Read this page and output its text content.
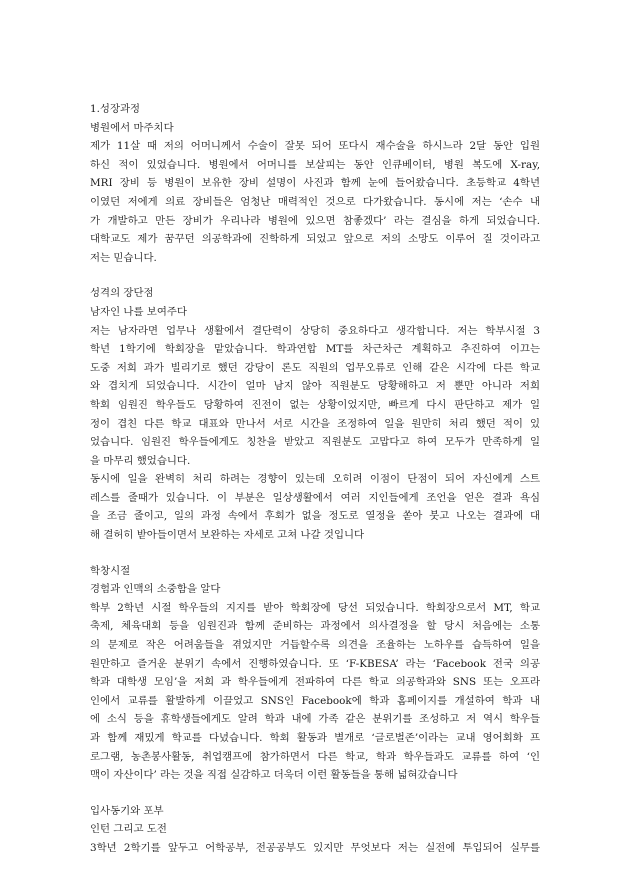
1.성장과정
병원에서 마주치다
제가 11살 때 저의 어머니께서 수술이 잘못 되어 또다시 재수술을 하시느라 2달 동안 입원
하신 적이 있었습니다. 병원에서 어머니를 보살피는 동안 인큐베이터, 병원 복도에 X-ray,
MRI 장비 등 병원이 보유한 장비 설명이 사진과 함께 눈에 들어왔습니다. 초등학교 4학년
이였던 저에게 의료 장비들은 엄청난 매력적인 것으로 다가왔습니다. 동시에 저는 ‘손수 내
가 개발하고 만든 장비가 우리나라 병원에 있으면 참좋겠다’ 라는 결심을 하게 되었습니다.
대학교도 제가 꿈꾸던 의공학과에 진학하게 되었고 앞으로 저의 소망도 이루어 질 것이라고
저는 믿습니다.
성격의 장단점
남자인 나를 보여주다
저는 남자라면 업무나 생활에서 결단력이 상당히 중요하다고 생각합니다. 저는 학부시절 3
학년 1학기에 학회장을 맡았습니다. 학과연합 MT를 차근차근 계획하고 추진하여 이끄는
도중 저희 과가 빌리기로 했던 강당이 론도 직원의 업무오류로 인해 같은 시각에 다른 학교
와 겹치게 되었습니다. 시간이 얼마 남지 않아 직원분도 당황해하고 저 뿐만 아니라 저희
학회 임원진 학우들도 당황하여 진전이 없는 상황이었지만, 빠르게 다시 판단하고 제가 일
정이 겹친 다른 학교 대표와 만나서 서로 시간을 조정하여 일을 원만히 처리 했던 적이 있
었습니다. 임원진 학우들에게도 칭찬을 받았고 직원분도 고맙다고 하여 모두가 만족하게 일
을 마무리 했었습니다.
동시에 일을 완벽히 처리 하려는 경향이 있는데 오히려 이점이 단점이 되어 자신에게 스트
레스를 줄때가 있습니다. 이 부분은 일상생활에서 여러 지인들에게 조언을 얻은 결과 욕심
을 조금 줄이고, 일의 과정 속에서 후회가 없을 정도로 열정을 쏟아 붓고 나오는 결과에 대
해 결허히 받아들이면서 보완하는 자세로 고쳐 나갈 것입니다
학창시절
경험과 인맥의 소중함을 알다
학부 2학년 시절 학우들의 지지를 받아 학회장에 당선 되었습니다. 학회장으로서 MT, 학교
축제, 체육대회 등을 임원진과 함께 준비하는 과정에서 의사결정을 할 당시 처음에는 소통
의 문제로 작은 어려움들을 겪었지만 거듭할수록 의견을 조율하는 노하우를 습득하여 일을
원만하고 즐거운 분위기 속에서 진행하였습니다. 또 ‘F-KBESA’ 라는 ‘Facebook 전국 의공
학과 대학생 모임’을 저희 과 학우들에게 전파하여 다른 학교 의공학과와 SNS 또는 오프라
인에서 교류를 활발하게 이끌었고 SNS인 Facebook에 학과 홈페이지를 개설하여 학과 내
에 소식 등을 휴학생들에게도 알려 학과 내에 가족 같은 분위기를 조성하고 저 역시 학우들
과 함께 재밌게 학교를 다녔습니다. 학회 활동과 별개로 ‘글로벌존’이라는 교내 영어회화 프
로그램, 농촌봉사활동, 취업캠프에 참가하면서 다른 학교, 학과 학우들과도 교류를 하여 ‘인
맥이 자산이다’ 라는 것을 직접 실감하고 더욱더 이런 활동들을 통해 넓혀갔습니다
입사동기와 포부
인턴 그리고 도전
3학년 2학기를 앞두고 어학공부, 전공공부도 있지만 무엇보다 저는 실전에 투입되어 실무를
